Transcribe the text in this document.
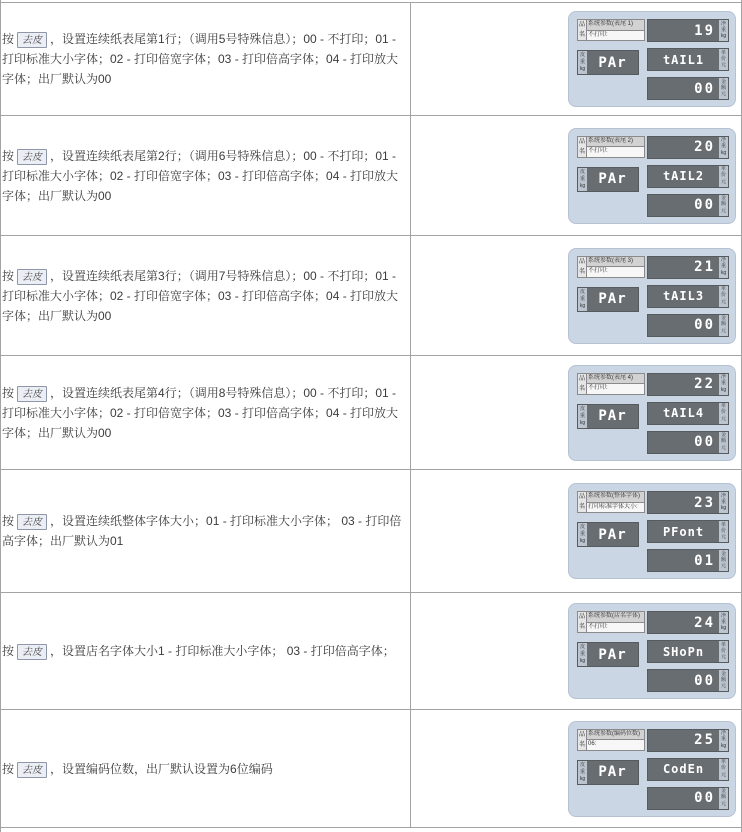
按 去皮 ，设置连续纸表尾第1行；（调用5号特殊信息）；00 - 不打印；01 - 打印标准大小字体；02 - 打印倍宽字体；03 - 打印倍高字体；04 - 打印放大字体；出厂默认为00
品
名
系统参数(表尾 1)
不打印:
皮
重
kg PAr
19	净
重
kg
tAIL1	单
价
元
00	金
额
元
按 去皮 ，设置连续纸表尾第2行；（调用6号特殊信息）；00 - 不打印；01 - 打印标准大小字体；02 - 打印倍宽字体；03 - 打印倍高字体；04 - 打印放大字体；出厂默认为00
品
名
系统参数(表尾 2)
不打印:
皮
重
kg PAr
20	净
重
kg
tAIL2	单
价
元
00	金
额
元
按 去皮 ，设置连续纸表尾第3行；（调用7号特殊信息）；00 - 不打印；01 - 打印标准大小字体；02 - 打印倍宽字体；03 - 打印倍高字体；04 - 打印放大字体；出厂默认为00
品
名
系统参数(表尾 3)
不打印:
皮
重
kg PAr
21	净
重
kg
tAIL3	单
价
元
00	金
额
元
按 去皮 ，设置连续纸表尾第4行；（调用8号特殊信息）；00 - 不打印；01 - 打印标准大小字体；02 - 打印倍宽字体；03 - 打印倍高字体；04 - 打印放大字体；出厂默认为00
品
名
系统参数(表尾 4)
不打印:
皮
重
kg PAr
22	净
重
kg
tAIL4	单
价
元
00	金
额
元
按 去皮 ，设置连续纸整体字体大小；01 - 打印标准大小字体； 03 - 打印倍高字体；出厂默认为01
品
名
系统参数(整体字体)
打印标准字体大小:
皮
重
kg PAr
23	净
重
kg
PFont	单
价
元
01	金
额
元
按 去皮 ，设置店名字体大小1 - 打印标准大小字体； 03 - 打印倍高字体；
品
名
系统参数(店名字体)
不打印:
皮
重
kg PAr
24	净
重
kg
SHoPn	单
价
元
00	金
额
元
按 去皮 ，设置编码位数，出厂默认设置为6位编码
品
名
系统参数(编码位数)
06:
皮
重
kg PAr
25	净
重
kg
CodEn	单
价
元
00	金
额
元
